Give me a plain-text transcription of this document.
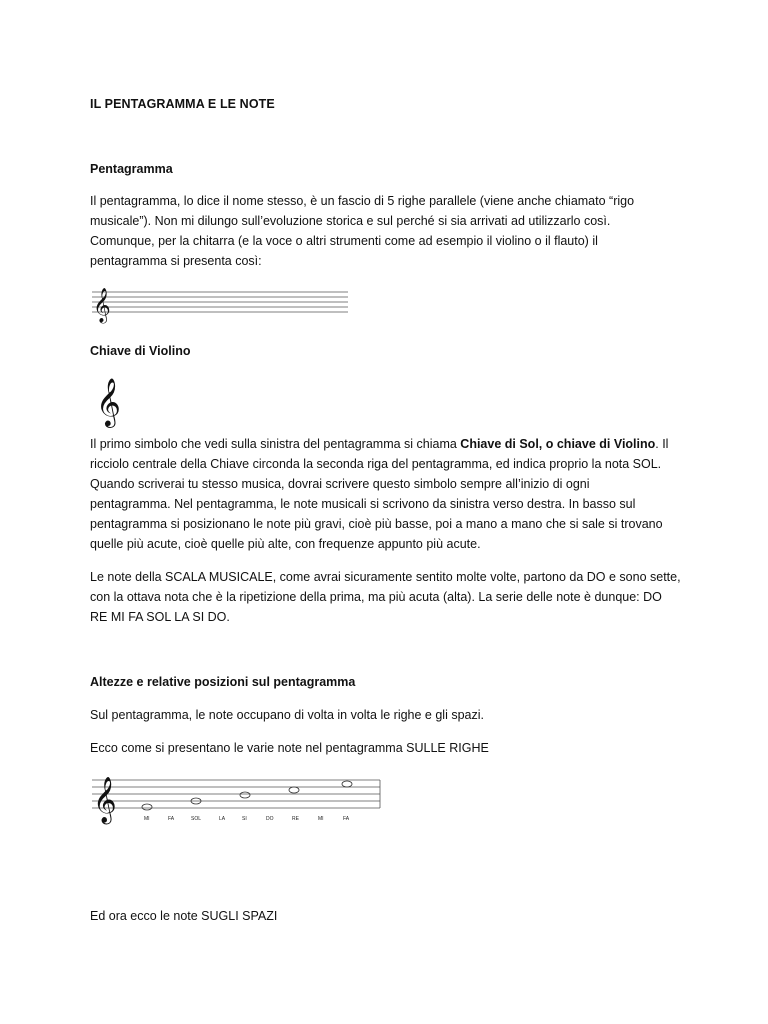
IL PENTAGRAMMA E LE NOTE

Pentagramma

Il pentagramma, lo dice il nome stesso, è un fascio di 5 righe parallele (viene anche chiamato “rigo
musicale”). Non mi dilungo sull’evoluzione storica e sul perché si sia arrivati ad utilizzarlo così.
Comunque, per la chitarra (e la voce o altri strumenti come ad esempio il violino o il flauto) il
pentagramma si presenta così:
𝄞

Chiave di Violino

𝄞
Il primo simbolo che vedi sulla sinistra del pentagramma si chiama Chiave di Sol, o chiave di Violino. Il
ricciolo centrale della Chiave circonda la seconda riga del pentagramma, ed indica proprio la nota SOL.
Quando scriverai tu stesso musica, dovrai scrivere questo simbolo sempre all’inizio di ogni
pentagramma. Nel pentagramma, le note musicali si scrivono da sinistra verso destra. In basso sul
pentagramma si posizionano le note più gravi, cioè più basse, poi a mano a mano che si sale si trovano
quelle più acute, cioè quelle più alte, con frequenze appunto più acute.
Le note della SCALA MUSICALE, come avrai sicuramente sentito molte volte, partono da DO e sono sette,
con la ottava nota che è la ripetizione della prima, ma più acuta (alta). La serie delle note è dunque: DO
RE MI FA SOL LA SI DO.

Altezze e relative posizioni sul pentagramma

Sul pentagramma, le note occupano di volta in volta le righe e gli spazi.

Ecco come si presentano le varie note nel pentagramma SULLE RIGHE

𝄞	MI	FA	SOL	LA	SI	DO	RE	MI	FA

Ed ora ecco le note SUGLI SPAZI
